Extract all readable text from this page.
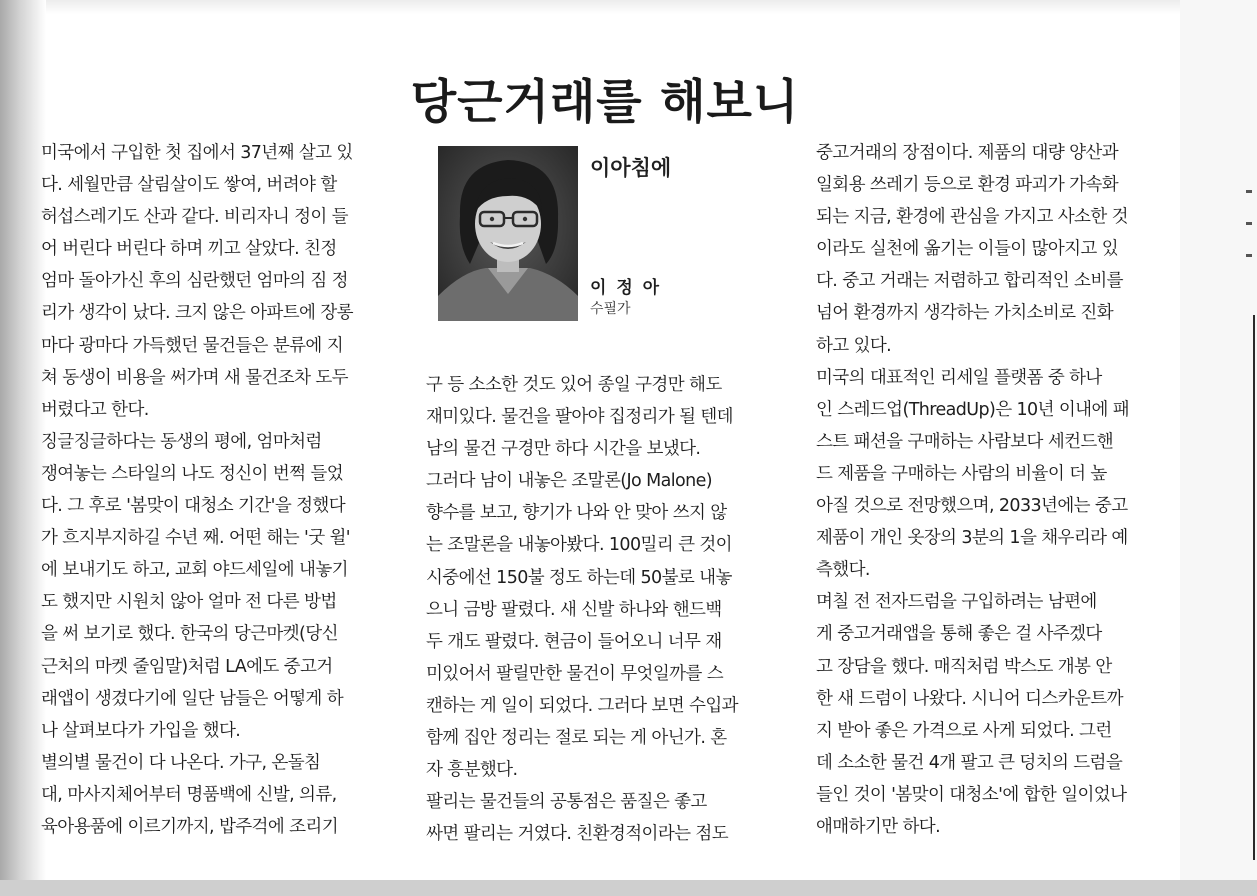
당근거래를 해보니

미국에서 구입한 첫 집에서 37년째 살고 있

다. 세월만큼 살림살이도 쌓여, 버려야 할

허섭스레기도 산과 같다. 비리자니 정이 들

어 버린다 버린다 하며 끼고 살았다. 친정

엄마 돌아가신 후의 심란했던 엄마의 짐 정

리가 생각이 났다. 크지 않은 아파트에 장롱

마다 광마다 가득했던 물건들은 분류에 지

쳐 동생이 비용을 써가며 새 물건조차 도두

버렸다고 한다.

징글징글하다는 동생의 평에, 엄마처럼

쟁여놓는 스타일의 나도 정신이 번쩍 들었

다. 그 후로 '봄맞이 대청소 기간'을 정했다

가 흐지부지하길 수년 째. 어떤 해는 '굿 윌'

에 보내기도 하고, 교회 야드세일에 내놓기

도 했지만 시원치 않아 얼마 전 다른 방법

을 써 보기로 했다. 한국의 당근마켓(당신

근처의 마켓 줄임말)처럼 LA에도 중고거

래앱이 생겼다기에 일단 남들은 어떻게 하

나 살펴보다가 가입을 했다.

별의별 물건이 다 나온다. 가구, 온돌침

대, 마사지체어부터 명품백에 신발, 의류,

육아용품에 이르기까지, 밥주걱에 조리기

이아침에
이 정 아
수필가

구 등 소소한 것도 있어 종일 구경만 해도

재미있다. 물건을 팔아야 집정리가 될 텐데

남의 물건 구경만 하다 시간을 보냈다.

그러다 남이 내놓은 조말론(Jo Malone)

향수를 보고, 향기가 나와 안 맞아 쓰지 않

는 조말론을 내놓아봤다. 100밀리 큰 것이

시중에선 150불 정도 하는데 50불로 내놓

으니 금방 팔렸다. 새 신발 하나와 핸드백

두 개도 팔렸다. 현금이 들어오니 너무 재

미있어서 팔릴만한 물건이 무엇일까를 스

캔하는 게 일이 되었다. 그러다 보면 수입과

함께 집안 정리는 절로 되는 게 아닌가. 혼

자 흥분했다.

팔리는 물건들의 공통점은 품질은 좋고

싸면 팔리는 거였다. 친환경적이라는 점도

중고거래의 장점이다. 제품의 대량 양산과

일회용 쓰레기 등으로 환경 파괴가 가속화

되는 지금, 환경에 관심을 가지고 사소한 것

이라도 실천에 옮기는 이들이 많아지고 있

다. 중고 거래는 저렴하고 합리적인 소비를

넘어 환경까지 생각하는 가치소비로 진화

하고 있다.

미국의 대표적인 리세일 플랫폼 중 하나

인 스레드업(ThreadUp)은 10년 이내에 패

스트 패션을 구매하는 사람보다 세컨드핸

드 제품을 구매하는 사람의 비율이 더 높

아질 것으로 전망했으며, 2033년에는 중고

제품이 개인 옷장의 3분의 1을 채우리라 예

측했다.

며칠 전 전자드럼을 구입하려는 남편에

게 중고거래앱을 통해 좋은 걸 사주겠다

고 장담을 했다. 매직처럼 박스도 개봉 안

한 새 드럼이 나왔다. 시니어 디스카운트까

지 받아 좋은 가격으로 사게 되었다. 그런

데 소소한 물건 4개 팔고 큰 덩치의 드럼을

들인 것이 '봄맞이 대청소'에 합한 일이었나

애매하기만 하다.
